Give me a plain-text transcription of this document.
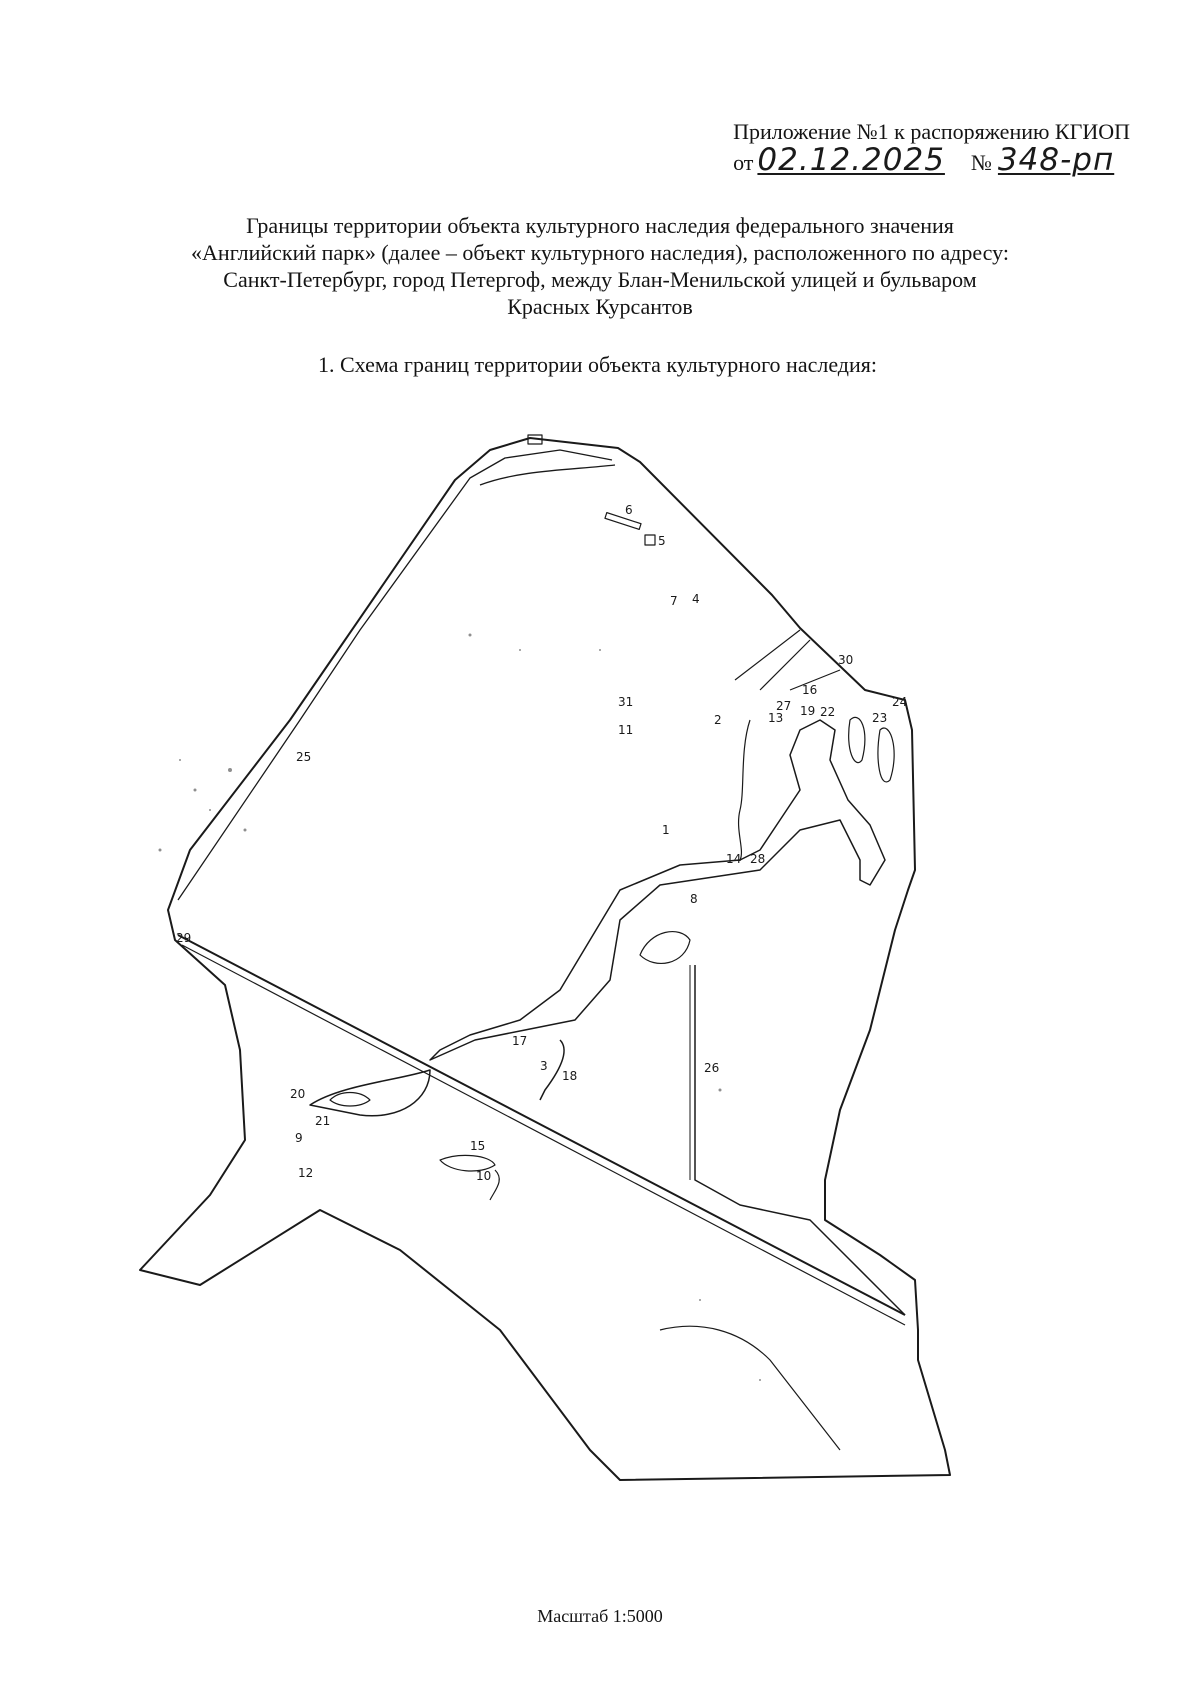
Приложение №1 к распоряжению КГИОП
от 02.12.2025 № 348-рп
Границы территории объекта культурного наследия федерального значения
«Английский парк» (далее – объект культурного наследия), расположенного по адресу:
Санкт-Петербург, город Петергоф, между Блан-Менильской улицей и бульваром
Красных Курсантов
1. Схема границ территории объекта культурного наследия:
1
2
3
4
5
6
7
8
9
10
11
12
13
14
15
16
17
18
19
20
21
22	23
24
25
26
27
28
29
30
31
Масштаб 1:5000
